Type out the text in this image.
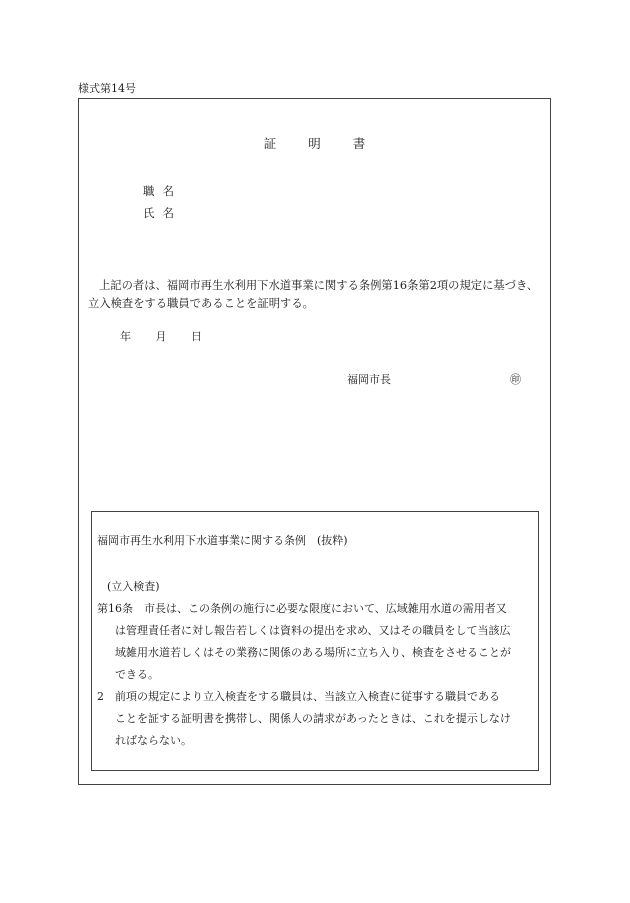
様式第14号
証	明	書
職 名
氏 名

上記の者は、福岡市再生水利用下水道事業に関する条例第16条第2項の規定に基づき、

立入検査をする職員であることを証明する。

年 月 日
福岡市長	㊞
福岡市再生水利用下水道事業に関する条例　(抜粋)
(立入検査)
第16条　市長は、この条例の施行に必要な限度において、広域雑用水道の需用者又
は管理責任者に対し報告若しくは資料の提出を求め、又はその職員をして当該広
域雑用水道若しくはその業務に関係のある場所に立ち入り、検査をさせることが
できる。
2　前項の規定により立入検査をする職員は、当該立入検査に従事する職員である
ことを証する証明書を携帯し、関係人の請求があったときは、これを提示しなけ
ればならない。
